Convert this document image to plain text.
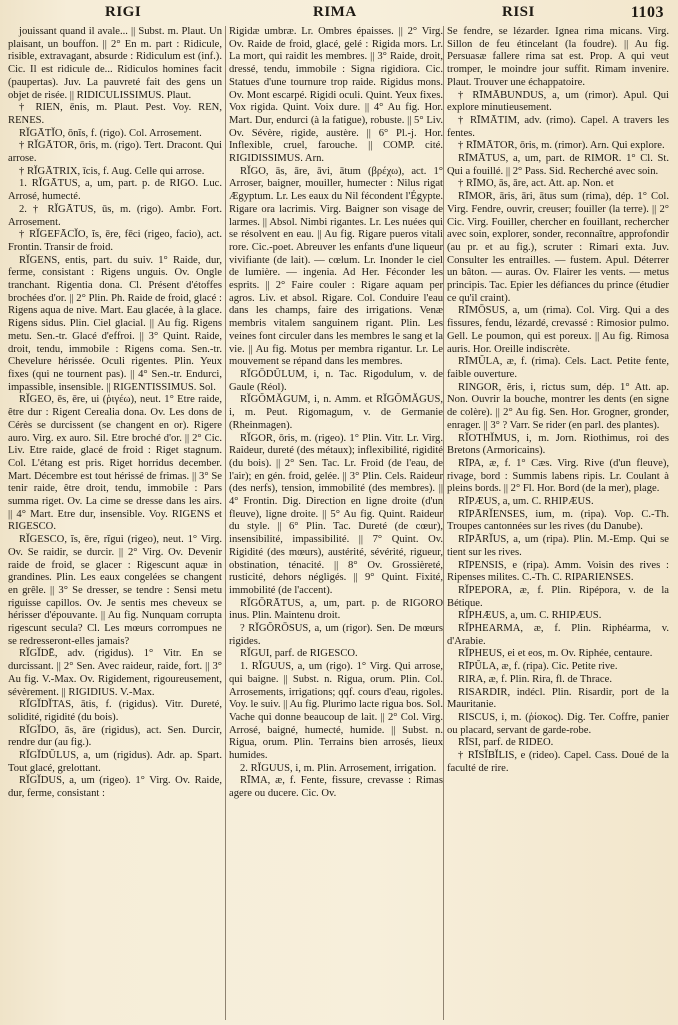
RIGI	RIMA	RISI	1103

jouissant quand il avale... || Subst. m. Plaut. Un plaisant, un bouffon. || 2° En m. part : Ridicule, risible, extravagant, absurde : Ridiculum est (inf.). Cic. Il est ridicule de... Ridiculos homines facit (paupertas). Juv. La pauvreté fait des gens un objet de risée. || RIDICULISSIMUS. Plaut.

† RIEN, ēnis, m. Plaut. Pest. Voy. REN, RENES.

RĬGĀTĬO, ōnĭs, f. (rigo). Col. Arrosement.

† RĬGĀTOR, ōris, m. (rigo). Tert. Dracont. Qui arrose.

† RĬGĀTRIX, īcis, f. Aug. Celle qui arrose.

1. RĬGĀTUS, a, um, part. p. de RIGO. Luc. Arrosé, humecté.

2. † RĬGĀTUS, ūs, m. (rigo). Ambr. Fort. Arrosement.

† RĬGEFĀCĬO, ĭs, ēre, fēci (rigeo, facio), act. Frontin. Transir de froid.

RĬGENS, entis, part. du suiv. 1° Raide, dur, ferme, consistant : Rigens unguis. Ov. Ongle tranchant. Rigentia dona. Cl. Présent d'étoffes brochées d'or. || 2° Plin. Ph. Raide de froid, glacé : Rigens aqua de nive. Mart. Eau glacée, à la glace. Rigens sidus. Plin. Ciel glacial. || Au fig. Rigens metu. Sen.-tr. Glacé d'effroi. || 3° Quint. Raide, droit, tendu, immobile : Rigens coma. Sen.-tr. Chevelure hérissée. Oculi rigentes. Plin. Yeux fixes (qui ne tournent pas). || 4° Sen.-tr. Endurci, impassible, insensible. || RIGENTISSIMUS. Sol.

RĬGEO, ēs, ēre, ui (ῥιγέω), neut. 1° Etre raide, être dur : Rigent Cerealia dona. Ov. Les dons de Cérès se durcissent (se changent en or). Rigere auro. Virg. ex auro. Sil. Etre broché d'or. || 2° Cic. Liv. Etre raide, glacé de froid : Riget stagnum. Col. L'étang est pris. Riget horridus december. Mart. Décembre est tout hérissé de frimas. || 3° Se tenir raide, être droit, tendu, immobile : Pars summa riget. Ov. La cime se dresse dans les airs. || 4° Mart. Etre dur, insensible. Voy. RIGENS et RIGESCO.

RĬGESCO, ĭs, ēre, rĭgui (rigeo), neut. 1° Virg. Ov. Se raidir, se durcir. || 2° Virg. Ov. Devenir raide de froid, se glacer : Rigescunt aquæ in grandines. Plin. Les eaux congelées se changent en grêle. || 3° Se dresser, se tendre : Sensi metu riguisse capillos. Ov. Je sentis mes cheveux se hérisser d'épouvante. || Au fig. Nunquam corrupta rigescunt secula? Cl. Les mœurs corrompues ne se redresseront-elles jamais?

RĬGĬDĒ, adv. (rigidus). 1° Vitr. En se durcissant. || 2° Sen. Avec raideur, raide, fort. || 3° Au fig. V.-Max. Ov. Rigidement, rigoureusement, sévèrement. || RIGIDIUS. V.-Max.

RĬGĬDĬTAS, ātis, f. (rigidus). Vitr. Dureté, solidité, rigidité (du bois).

RĬGĬDO, ās, āre (rigidus), act. Sen. Durcir, rendre dur (au fig.).

RĬGĬDŬLUS, a, um (rigidus). Adr. ap. Spart. Tout glacé, grelottant.

RĬGĬDUS, a, um (rigeo). 1° Virg. Ov. Raide, dur, ferme, consistant :

Rigidæ umbræ. Lr. Ombres épaisses. || 2° Virg. Ov. Raide de froid, glacé, gelé : Rigida mors. Lr. La mort, qui raidit les membres. || 3° Raide, droit, dressé, tendu, immobile : Signa rigidiora. Cic. Statues d'une tournure trop raide. Rigidus mons. Ov. Mont escarpé. Rigidi oculi. Quint. Yeux fixes. Vox rigida. Quint. Voix dure. || 4° Au fig. Hor. Mart. Dur, endurci (à la fatigue), robuste. || 5° Liv. Ov. Sévère, rigide, austère. || 6° Pl.-j. Hor. Inflexible, cruel, farouche. || COMP. cité. RIGIDISSIMUS. Arn.

RĬGO, ās, āre, āvi, ātum (βρέχω), act. 1° Arroser, baigner, mouiller, humecter : Nilus rigat Ægyptum. Lr. Les eaux du Nil fécondent l'Égypte. Rigare ora lacrimis. Virg. Baigner son visage de larmes. || Absol. Nimbi rigantes. Lr. Les nuées qui se résolvent en eau. || Au fig. Rigare pueros vitali rore. Cic.-poet. Abreuver les enfants d'une liqueur vivifiante (de lait). — cœlum. Lr. Inonder le ciel de lumière. — ingenia. Ad Her. Féconder les esprits. || 2° Faire couler : Rigare aquam per agros. Liv. et absol. Rigare. Col. Conduire l'eau dans les champs, faire des irrigations. Venæ membris vitalem sanguinem rigant. Plin. Les veines font circuler dans les membres le sang et la vie. || Au fig. Motus per membra rigantur. Lr. Le mouvement se répand dans les membres.

RĬGŌDŬLUM, i, n. Tac. Rigodulum, v. de Gaule (Réol).

RĬGŎMĂGUM, i, n. Amm. et RĬGŎMĂGUS, i, m. Peut. Rigomagum, v. de Germanie (Rheinmagen).

RĬGOR, ōris, m. (rigeo). 1° Plin. Vitr. Lr. Virg. Raideur, dureté (des métaux); inflexibilité, rigidité (du bois). || 2° Sen. Tac. Lr. Froid (de l'eau, de l'air); en gén. froid, gelée. || 3° Plin. Cels. Raideur (des nerfs), tension, immobilité (des membres). || 4° Frontin. Dig. Direction en ligne droite (d'un fleuve), ligne droite. || 5° Au fig. Quint. Raideur du style. || 6° Plin. Tac. Dureté (de cœur), insensibilité, impassibilité. || 7° Quint. Ov. Rigidité (des mœurs), austérité, sévérité, rigueur, obstination, ténacité. || 8° Ov. Grossièreté, rusticité, dehors négligés. || 9° Quint. Fixité, immobilité (de l'accent).

RĬGŎRĀTUS, a, um, part. p. de RIGORO inus. Plin. Maintenu droit.

? RĬGŎRŌSUS, a, um (rigor). Sen. De mœurs rigides.

RĬGUI, parf. de RIGESCO.

1. RĬGUUS, a, um (rigo). 1° Virg. Qui arrose, qui baigne. || Subst. n. Rigua, orum. Plin. Col. Arrosements, irrigations; qqf. cours d'eau, rigoles. Voy. le suiv. || Au fig. Plurimo lacte rigua bos. Sol. Vache qui donne beaucoup de lait. || 2° Col. Virg. Arrosé, baigné, humecté, humide. || Subst. n. Rigua, orum. Plin. Terrains bien arrosés, lieux humides.

2. RĬGUUS, i, m. Plin. Arrosement, irrigation.

RĪMA, æ, f. Fente, fissure, crevasse : Rimas agere ou ducere. Cic. Ov.

Se fendre, se lézarder. Ignea rima micans. Virg. Sillon de feu étincelant (la foudre). || Au fig. Persuasæ fallere rima sat est. Prop. A qui veut tromper, le moindre jour suffit. Rimam invenire. Plaut. Trouver une échappatoire.

† RĪMĀBUNDUS, a, um (rimor). Apul. Qui explore minutieusement.

† RĪMĀTIM, adv. (rimo). Capel. A travers les fentes.

† RĪMĀTOR, ōris, m. (rimor). Arn. Qui explore.

RĪMĀTUS, a, um, part. de RIMOR. 1° Cl. St. Qui a fouillé. || 2° Pass. Sid. Recherché avec soin.

† RĪMO, ās, āre, act. Att. ap. Non. et

RĪMOR, āris, āri, ātus sum (rima), dép. 1° Col. Virg. Fendre, ouvrir, creuser; fouiller (la terre). || 2° Cic. Virg. Fouiller, chercher en fouillant, rechercher avec soin, explorer, sonder, reconnaître, approfondir (au pr. et au fig.), scruter : Rimari exta. Juv. Consulter les entrailles. — fustem. Apul. Déterrer un bâton. — auras. Ov. Flairer les vents. — metus principis. Tac. Epier les défiances du prince (étudier ce qu'il craint).

RĪMŌSUS, a, um (rima). Col. Virg. Qui a des fissures, fendu, lézardé, crevassé : Rimosior pulmo. Gell. Le poumon, qui est poreux. || Au fig. Rimosa auris. Hor. Oreille indiscrète.

RĪMŬLA, æ, f. (rima). Cels. Lact. Petite fente, faible ouverture.

RINGOR, ĕris, i, rictus sum, dép. 1° Att. ap. Non. Ouvrir la bouche, montrer les dents (en signe de colère). || 2° Au fig. Sen. Hor. Grogner, gronder, enrager. || 3° ? Varr. Se rider (en parl. des plantes).

RĬOTHĬMUS, i, m. Jorn. Riothimus, roi des Bretons (Armoricains).

RĪPA, æ, f. 1° Cæs. Virg. Rive (d'un fleuve), rivage, bord : Summis labens ripis. Lr. Coulant à pleins bords. || 2° Fl. Hor. Bord (de la mer), plage.

RĪPÆUS, a, um. C. RHIPÆUS.

RĪPĀRĬENSES, ium, m. (ripa). Vop. C.-Th. Troupes cantonnées sur les rives (du Danube).

RĪPĀRĬUS, a, um (ripa). Plin. M.-Emp. Qui se tient sur les rives.

RĪPENSIS, e (ripa). Amm. Voisin des rives : Ripenses milites. C.-Th. C. RIPARIENSES.

RĬPEPORA, æ, f. Plin. Ripépora, v. de la Bétique.

RĬPHÆUS, a, um. C. RHIPÆUS.

RĬPHEARMA, æ, f. Plin. Riphéarma, v. d'Arabie.

RĬPHEUS, ei et eos, m. Ov. Riphée, centaure.

RĪPŬLA, æ, f. (ripa). Cic. Petite rive.

RIRA, æ, f. Plin. Rira, fl. de Thrace.

RISARDIR, indécl. Plin. Risardir, port de la Mauritanie.

RISCUS, i, m. (ῥίσκος). Dig. Ter. Coffre, panier ou placard, servant de garde-robe.

RĪSI, parf. de RIDEO.

† RĪSĬBĬLIS, e (rideo). Capel. Cass. Doué de la faculté de rire.
